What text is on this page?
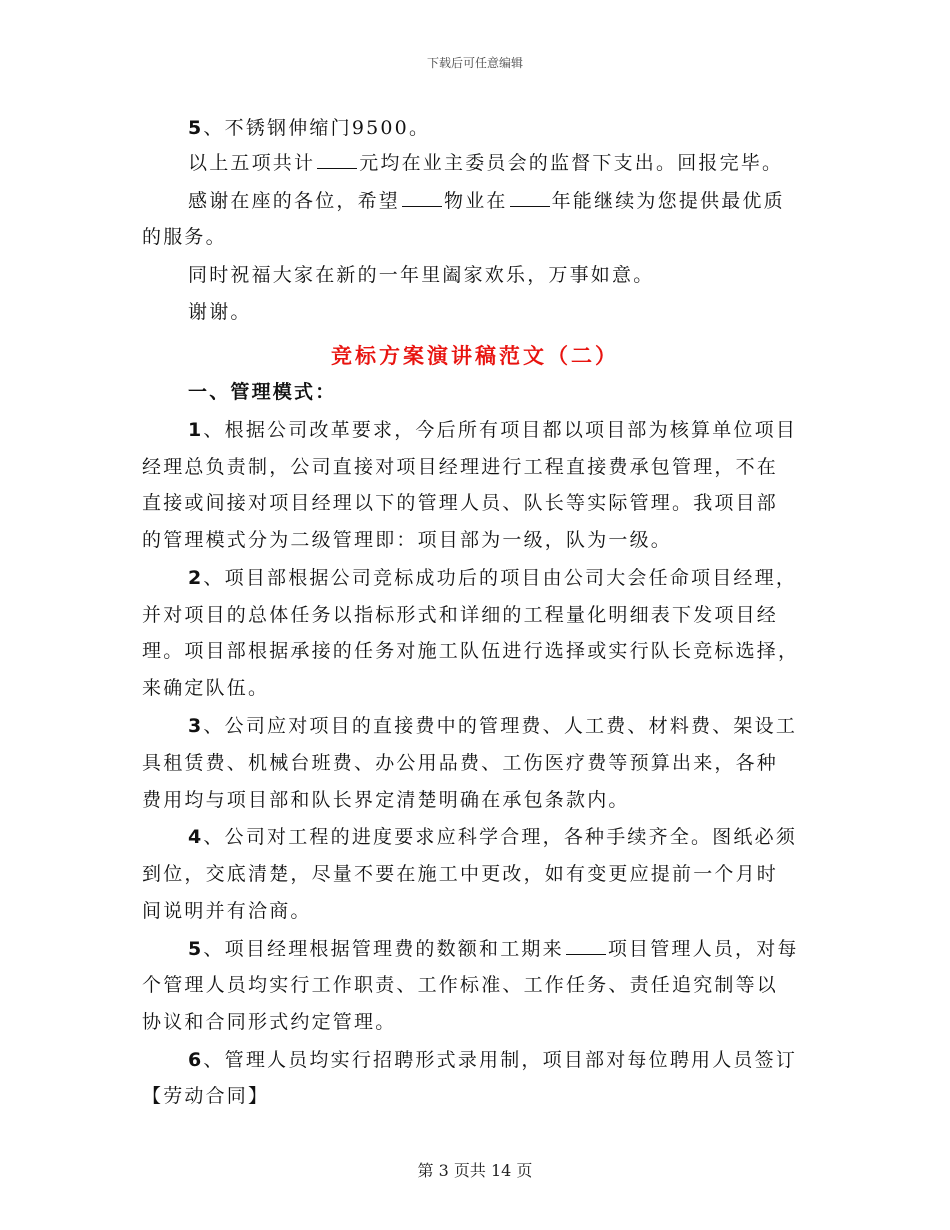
下载后可任意编辑
5、不锈钢伸缩门9500。
以上五项共计 元均在业主委员会的监督下支出。回报完毕。
感谢在座的各位，希望 物业在 年能继续为您提供最优质
的服务。
同时祝福大家在新的一年里阖家欢乐，万事如意。
谢谢。
竞标方案演讲稿范文（二）
一、管理模式：
1、根据公司改革要求，今后所有项目都以项目部为核算单位项目
经理总负责制，公司直接对项目经理进行工程直接费承包管理，不在
直接或间接对项目经理以下的管理人员、队长等实际管理。我项目部
的管理模式分为二级管理即：项目部为一级，队为一级。
2、项目部根据公司竞标成功后的项目由公司大会任命项目经理，
并对项目的总体任务以指标形式和详细的工程量化明细表下发项目经
理。项目部根据承接的任务对施工队伍进行选择或实行队长竞标选择，
来确定队伍。
3、公司应对项目的直接费中的管理费、人工费、材料费、架设工
具租赁费、机械台班费、办公用品费、工伤医疗费等预算出来，各种
费用均与项目部和队长界定清楚明确在承包条款内。
4、公司对工程的进度要求应科学合理，各种手续齐全。图纸必须
到位，交底清楚，尽量不要在施工中更改，如有变更应提前一个月时
间说明并有洽商。
5、项目经理根据管理费的数额和工期来 项目管理人员，对每
个管理人员均实行工作职责、工作标准、工作任务、责任追究制等以
协议和合同形式约定管理。
6、管理人员均实行招聘形式录用制，项目部对每位聘用人员签订
【劳动合同】
第 3 页共 14 页
